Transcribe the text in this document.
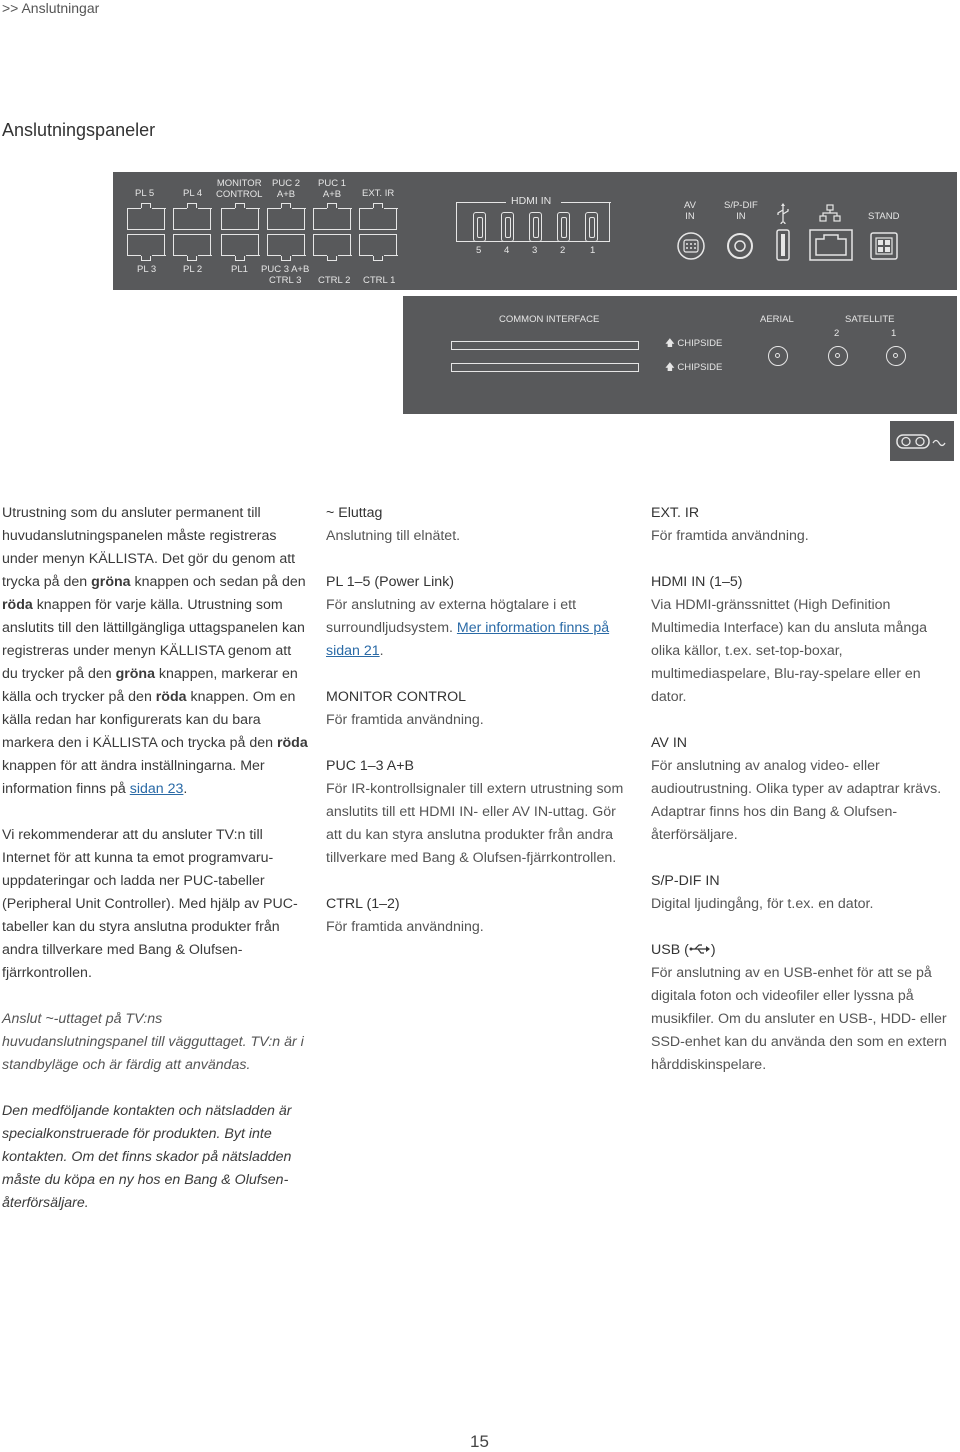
>> Anslutningar
Anslutningspaneler
PL 5	PL 4
MONITOR
CONTROL
PUC 2
A+B
PUC 1
A+B	EXT. IR
PL 3	PL 2	PL1 PUC 3 A+B
CTRL 3	CTRL 2 CTRL 1
HDMI IN
5 4 3 2	1
AV
IN
S/P-DIF
IN	STAND
COMMON INTERFACE
🡅 CHIPSIDE
🡅 CHIPSIDE
AERIAL	SATELLITE
2	1

Utrustning som du ansluter permanent till huvudanslutningspanelen måste registreras under menyn KÄLLISTA. Det gör du genom att trycka på den gröna knappen och sedan på den röda knappen för varje källa. Utrustning som anslutits till den lättillgängliga uttagspanelen kan registreras under menyn KÄLLISTA genom att du trycker på den gröna knappen, markerar en källa och trycker på den röda knappen. Om en källa redan har konfigurerats kan du bara markera den i KÄLLISTA och trycka på den röda knappen för att ändra inställningarna. Mer information finns på sidan 23.

Vi rekommenderar att du ansluter TV:n till Internet för att kunna ta emot programvaru-uppdateringar och ladda ner PUC-tabeller (Peripheral Unit Controller). Med hjälp av PUC-tabeller kan du styra anslutna produkter från andra tillverkare med Bang & Olufsen-fjärrkontrollen.

Anslut ~-uttaget på TV:ns huvudanslutningspanel till vägguttaget. TV:n är i standbyläge och är färdig att användas.

Den medföljande kontakten och nätsladden är specialkonstruerade för produkten. Byt inte kontakten. Om det finns skador på nätsladden måste du köpa en ny hos en Bang & Olufsen-återförsäljare.

~ Eluttag

Anslutning till elnätet.

PL 1–5 (Power Link)

För anslutning av externa högtalare i ett surroundljudsystem. Mer information finns på sidan 21.

MONITOR CONTROL

För framtida användning.

PUC 1–3 A+B

För IR-kontrollsignaler till extern utrustning som anslutits till ett HDMI IN- eller AV IN-uttag. Gör att du kan styra anslutna produkter från andra tillverkare med Bang & Olufsen-fjärrkontrollen.

CTRL (1–2)

För framtida användning.

EXT. IR

För framtida användning.

HDMI IN (1–5)

Via HDMI-gränssnittet (High Definition Multimedia Interface) kan du ansluta många olika källor, t.ex. set-top-boxar, multimediaspelare, Blu-ray-spelare eller en dator.

AV IN

För anslutning av analog video- eller audioutrustning. Olika typer av adaptrar krävs. Adaptrar finns hos din Bang & Olufsen-återförsäljare.

S/P-DIF IN

Digital ljudingång, för t.ex. en dator.

USB ( )

För anslutning av en USB-enhet för att se på digitala foton och videofiler eller lyssna på musikfiler. Om du ansluter en USB-, HDD- eller SSD-enhet kan du använda den som en extern hårddiskinspelare.

15
